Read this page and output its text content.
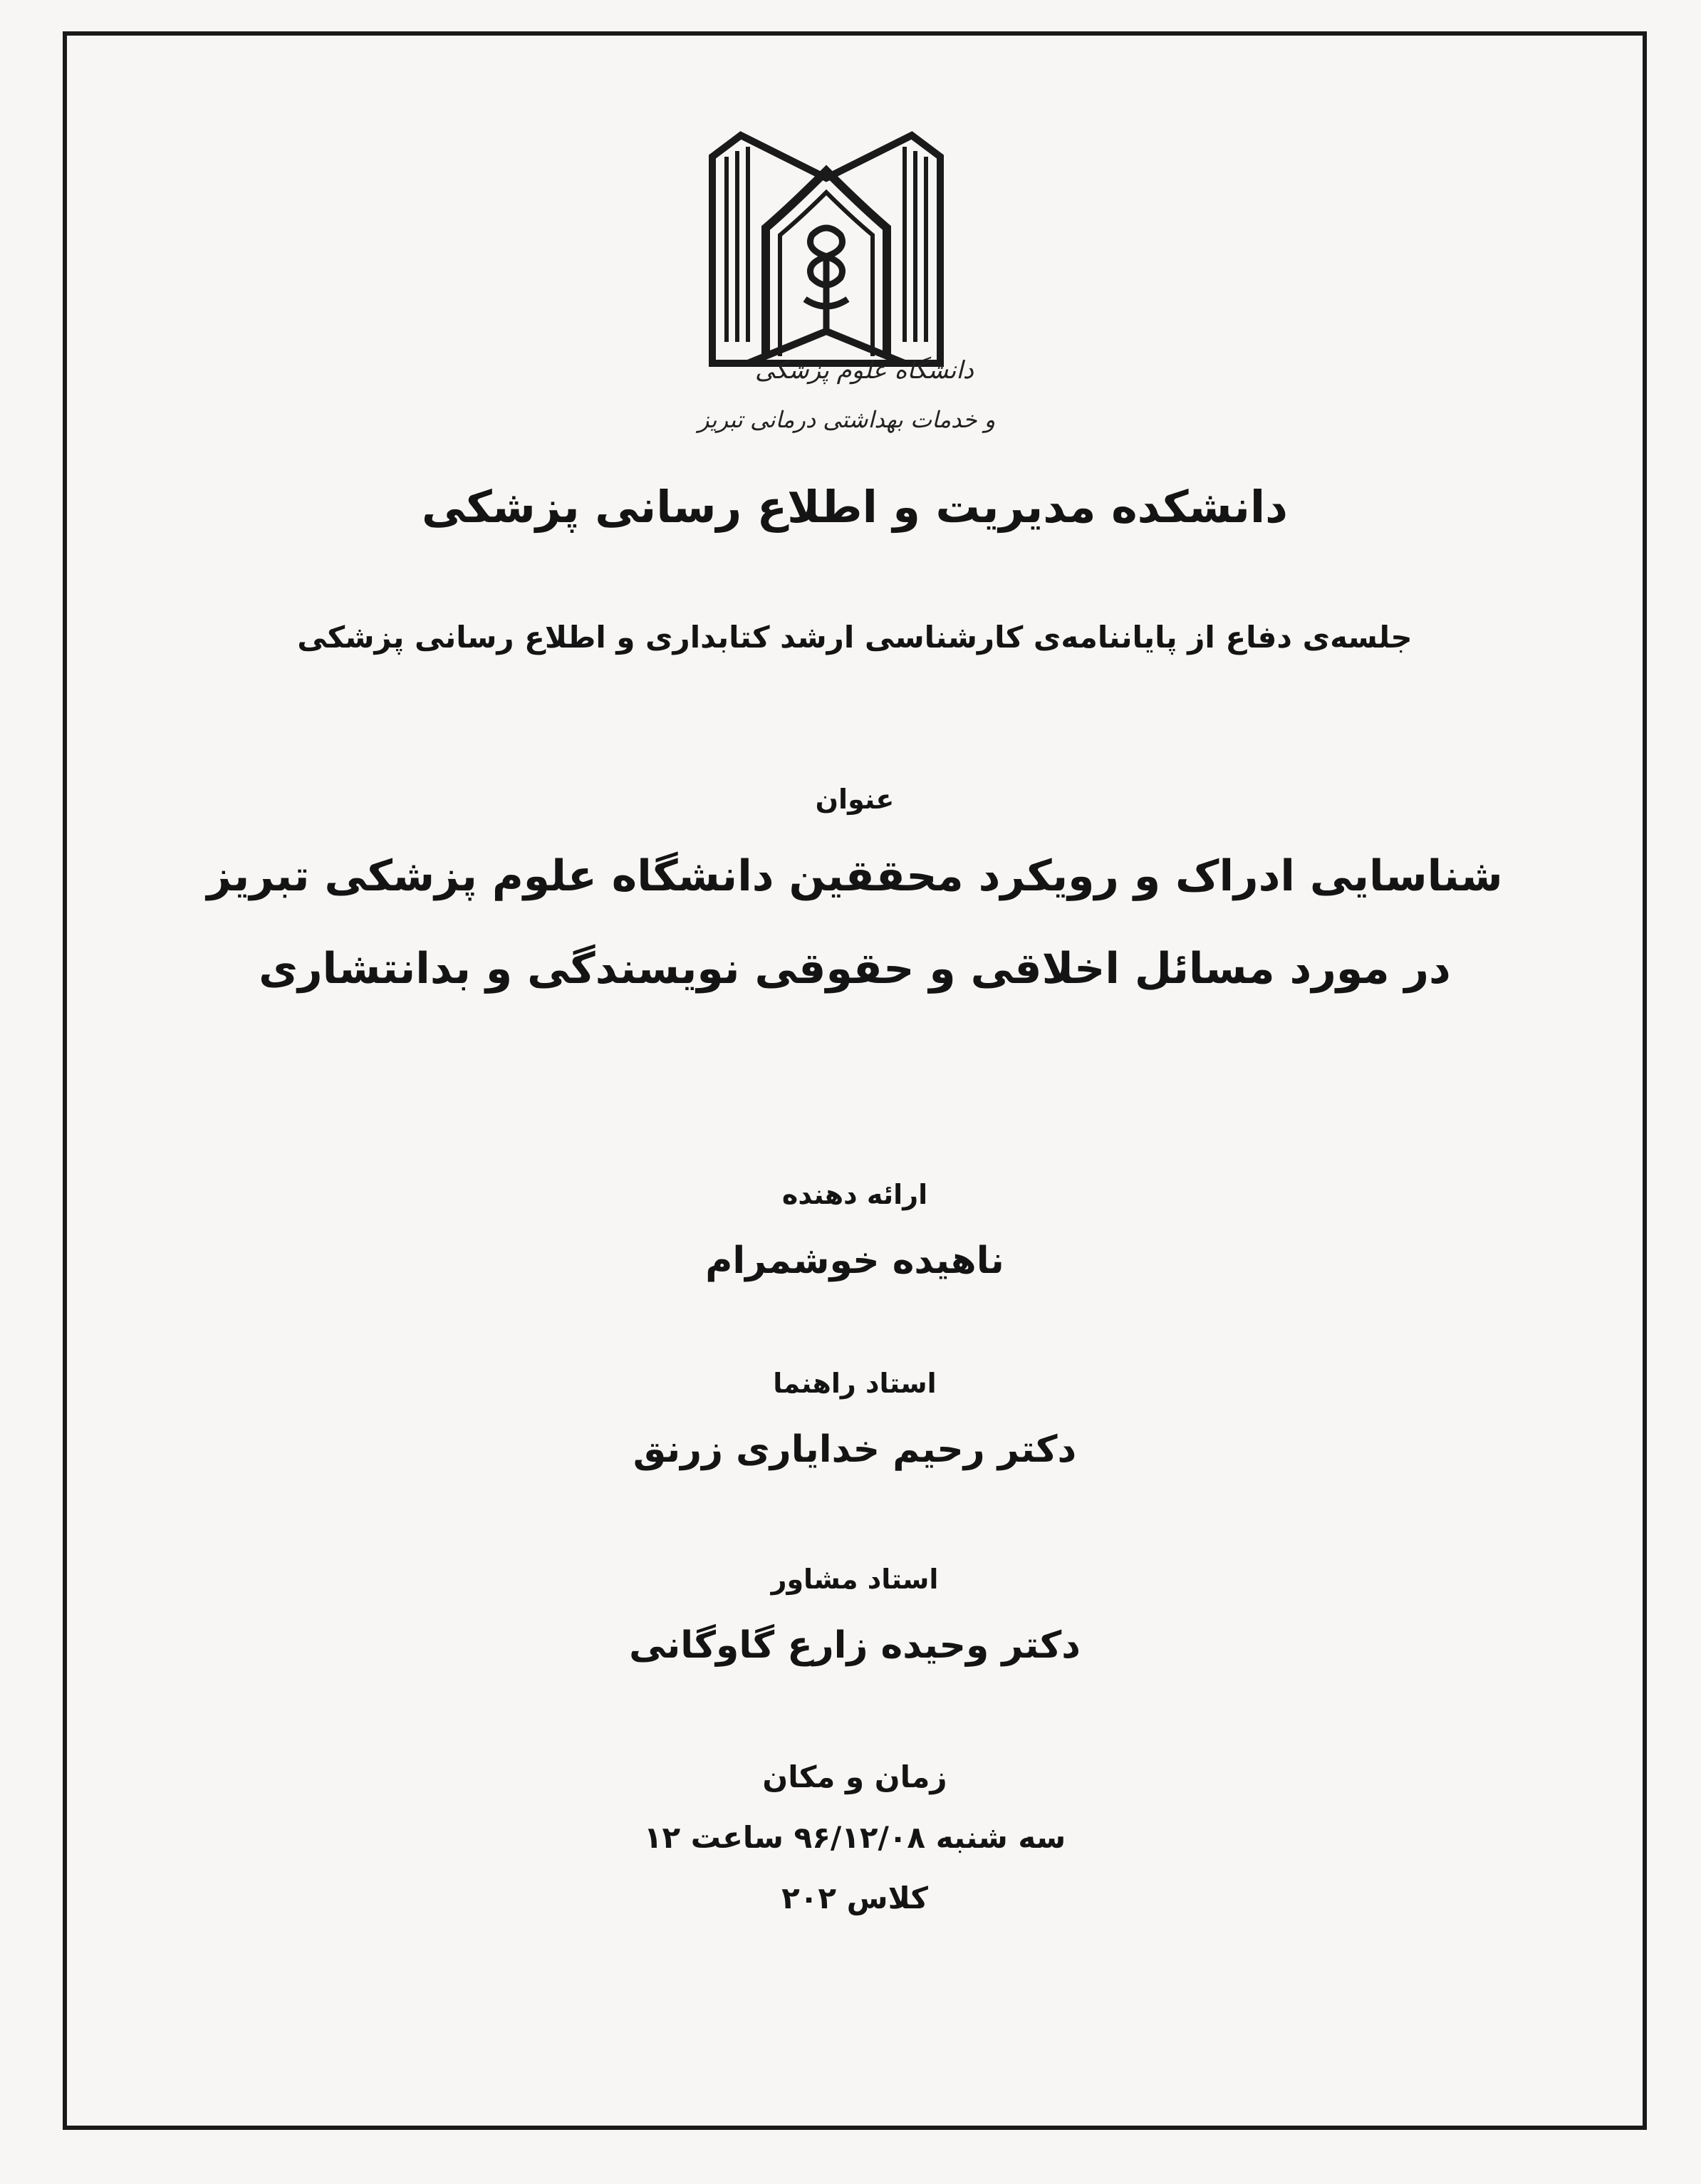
دانشگاه علوم پزشکی
و خدمات بهداشتی درمانی تبریز
دانشکده مدیریت و اطلاع رسانی پزشکی
جلسه‌ی دفاع از پایاننامه‌ی کارشناسی ارشد کتابداری و اطلاع رسانی پزشکی
عنوان
شناسایی ادراک و رویکرد محققین دانشگاه علوم پزشکی تبریز
در مورد مسائل اخلاقی و حقوقی نویسندگی و بدانتشاری
ارائه دهنده
ناهیده خوشمرام
استاد راهنما
دکتر رحیم خدایاری زرنق
استاد مشاور
دکتر وحیده زارع گاوگانی
زمان و مکان
سه شنبه ۹۶/۱۲/۰۸ ساعت ۱۲
کلاس ۲۰۲
